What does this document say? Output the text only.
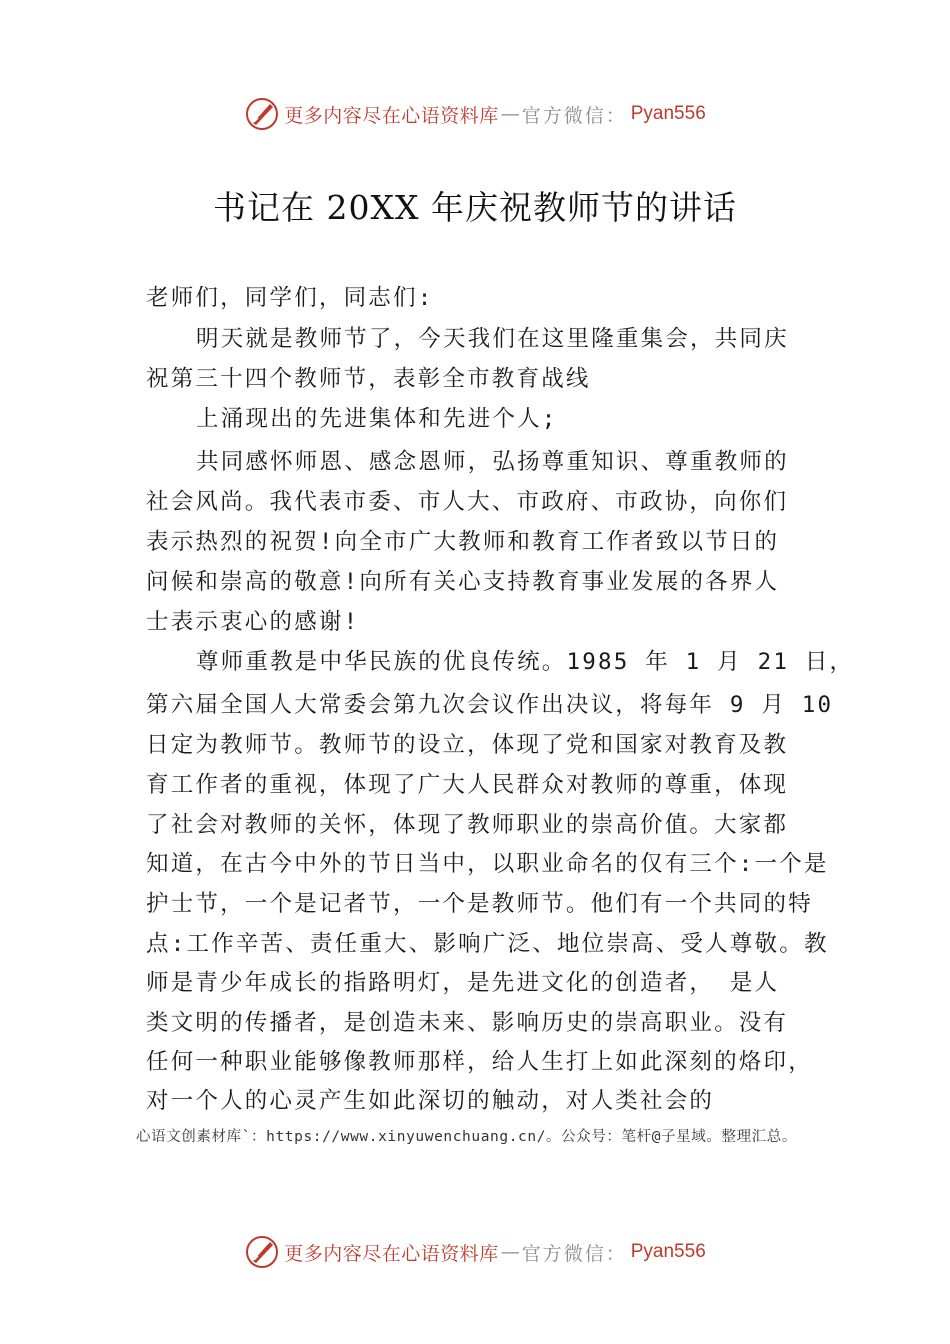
更多内容尽在心语资料库 — 官方微信： Pyan556
书记在 20XX 年庆祝教师节的讲话
老师们，同学们，同志们:
明天就是教师节了，今天我们在这里隆重集会，共同庆
祝第三十四个教师节，表彰全市教育战线
上涌现出的先进集体和先进个人;
共同感怀师恩、感念恩师，弘扬尊重知识、尊重教师的
社会风尚。我代表市委、市人大、市政府、市政协，向你们
表示热烈的祝贺!向全市广大教师和教育工作者致以节日的
问候和崇高的敬意!向所有关心支持教育事业发展的各界人
士表示衷心的感谢!
尊师重教是中华民族的优良传统。1985 年 1 月 21 日，
第六届全国人大常委会第九次会议作出决议，将每年 9 月 10
日定为教师节。教师节的设立，体现了党和国家对教育及教
育工作者的重视，体现了广大人民群众对教师的尊重，体现
了社会对教师的关怀，体现了教师职业的崇高价值。大家都
知道，在古今中外的节日当中，以职业命名的仅有三个:一个是
护士节，一个是记者节，一个是教师节。他们有一个共同的特
点:工作辛苦、责任重大、影响广泛、地位崇高、受人尊敬。教
师是青少年成长的指路明灯，是先进文化的创造者， 是人
类文明的传播者，是创造未来、影响历史的崇高职业。没有
任何一种职业能够像教师那样，给人生打上如此深刻的烙印，
对一个人的心灵产生如此深切的触动，对人类社会的
心语文创素材库`：https://www.xinyuwenchuang.cn/。公众号：笔杆@子星域。整理汇总。
更多内容尽在心语资料库 — 官方微信： Pyan556
